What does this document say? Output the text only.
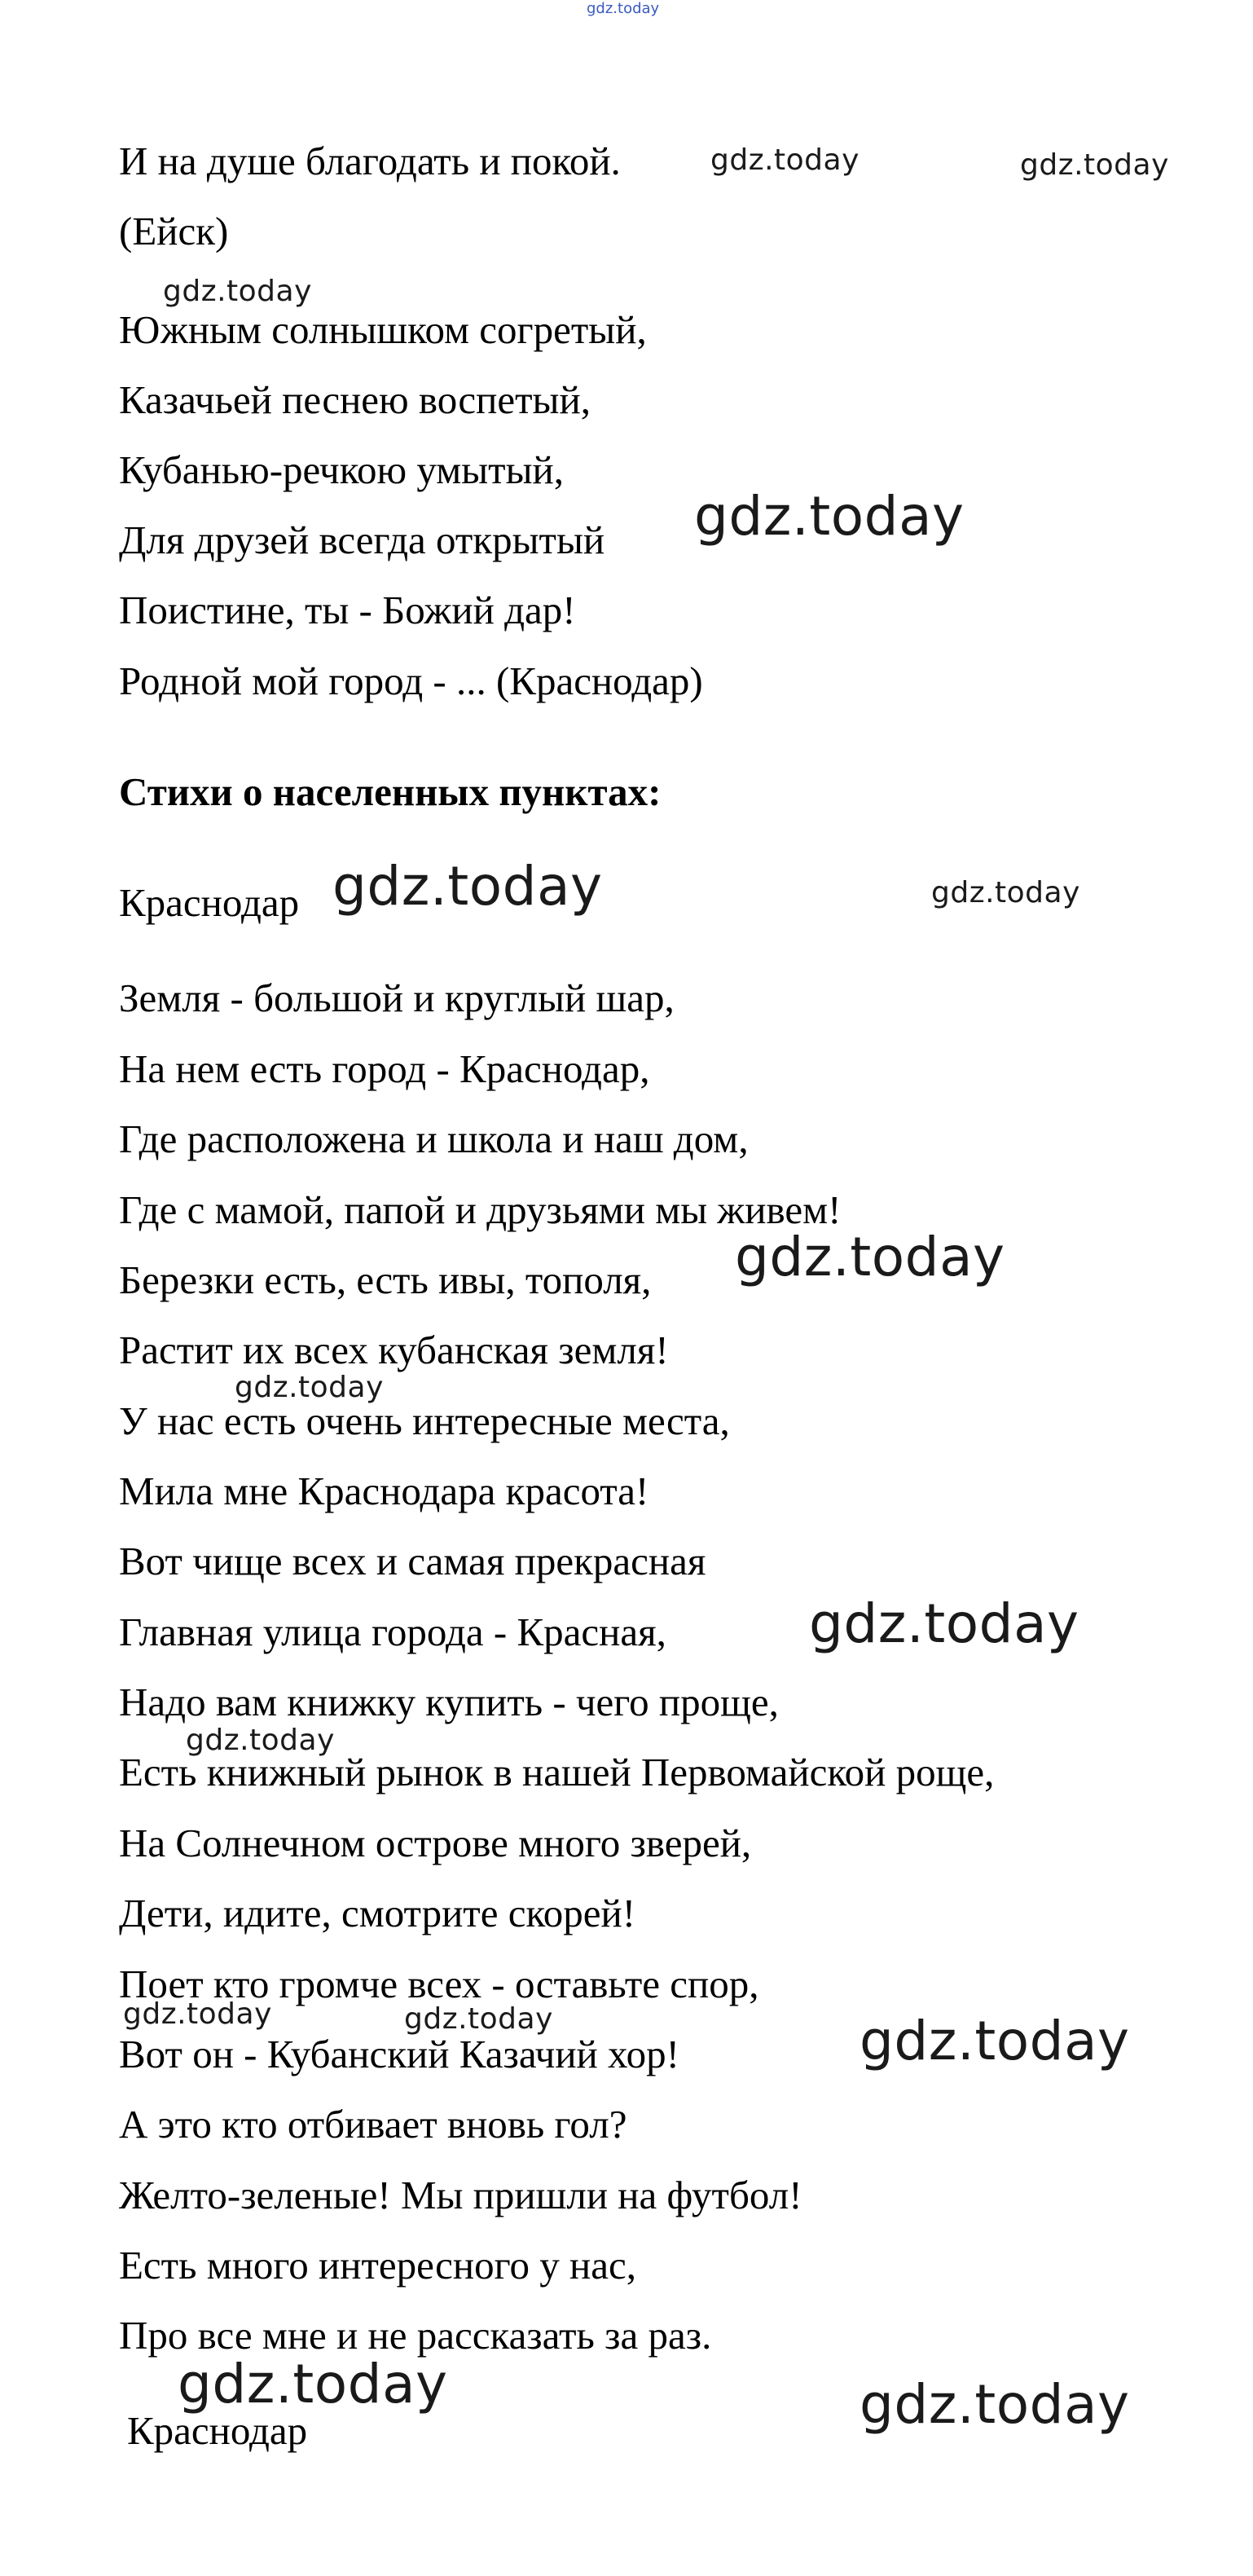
gdz.today
И на душе благодать и покой.
(Ейск)
Южным солнышком согретый,
Казачьей песнею воспетый,
Кубанью-речкою умытый,
Для друзей всегда открытый
Поистине, ты - Божий дар!
Родной мой город - ... (Краснодар)
Стихи о населенных пунктах:
Краснодар
Земля - большой и круглый шар,
На нем есть город - Краснодар,
Где расположена и школа и наш дом,
Где с мамой, папой и друзьями мы живем!
Березки есть, есть ивы, тополя,
Растит их всех кубанская земля!
У нас есть очень интересные места,
Мила мне Краснодара красота!
Вот чище всех и самая прекрасная
Главная улица города - Красная,
Надо вам книжку купить - чего проще,
Есть книжный рынок в нашей Первомайской роще,
На Солнечном острове много зверей,
Дети, идите, смотрите скорей!
Поет кто громче всех - оставьте спор,
Вот он - Кубанский Казачий хор!
А это кто отбивает вновь гол?
Желто-зеленые! Мы пришли на футбол!
Есть много интересного у нас,
Про все мне и не рассказать за раз.
Краснодар
gdz.today	gdz.today
gdz.today
gdz.today
gdz.today	gdz.today
gdz.today
gdz.today
gdz.today
gdz.today
gdz.today
gdz.today	gdz.today
gdz.today	gdz.today
